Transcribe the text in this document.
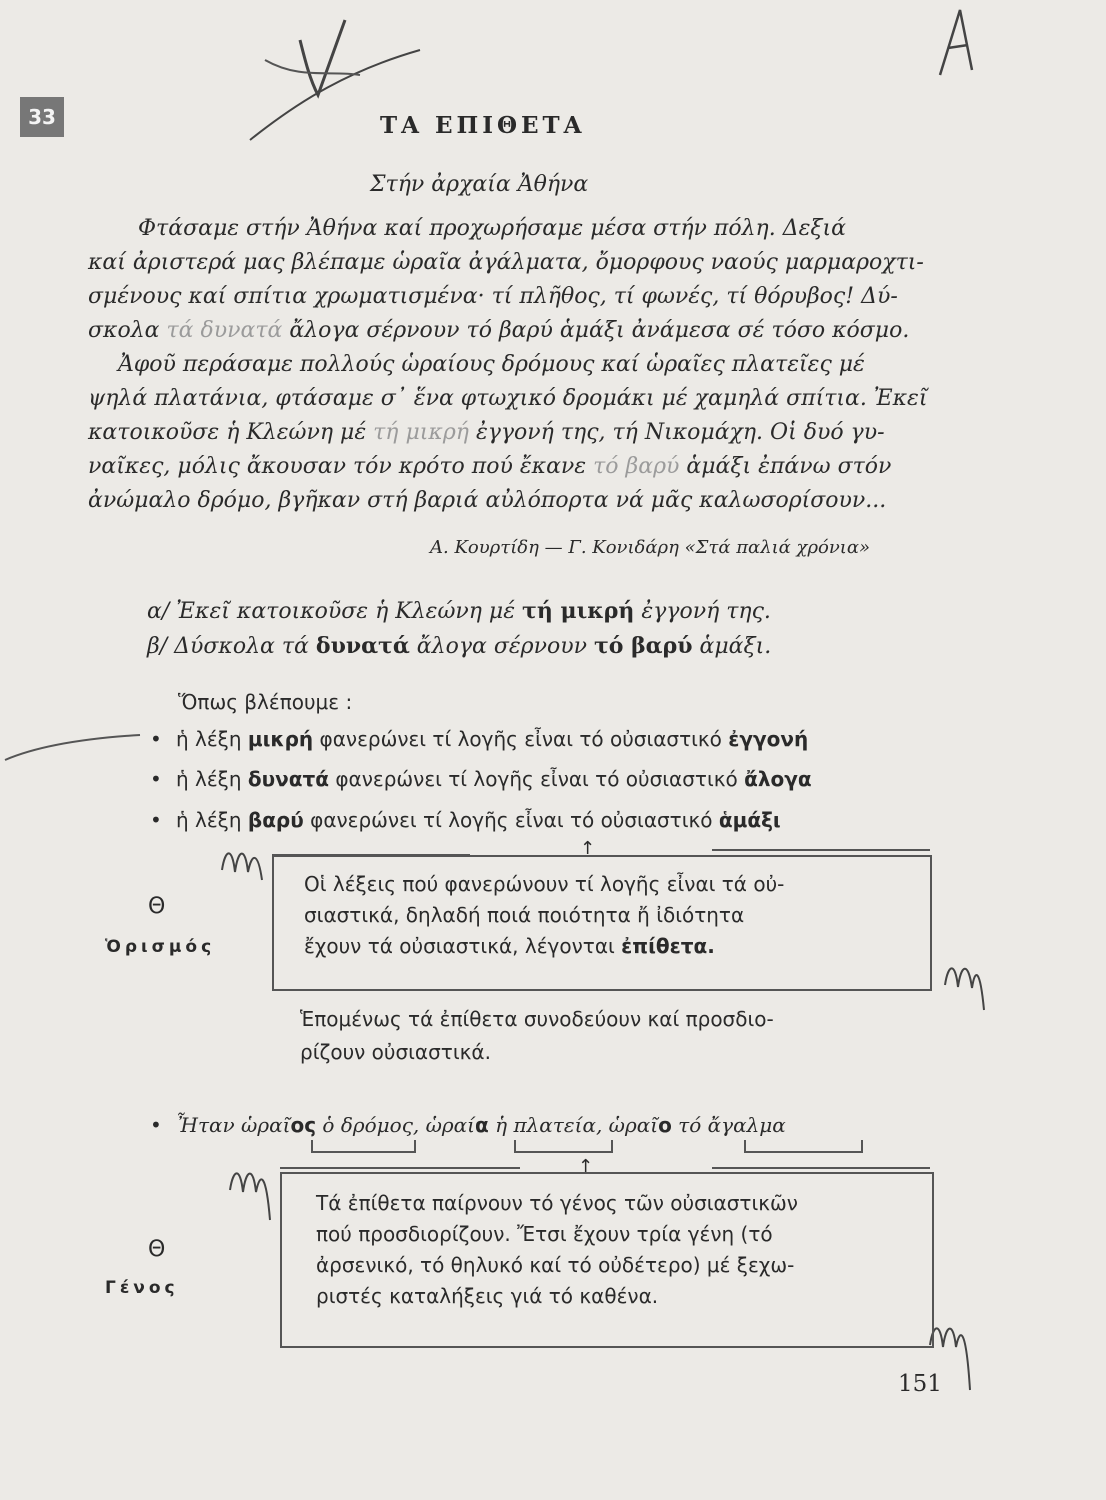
33	ΤΑ ΕΠΙΘΕΤΑ
Στήν ἀρχαία Ἀθήνα
Φτάσαμε στήν Ἀθήνα καί προχωρήσαμε μέσα στήν πόλη. Δεξιά
καί ἀριστερά μας βλέπαμε ὡραῖα ἀγάλματα, ὄμορφους ναούς μαρμαροχτι-
σμένους καί σπίτια χρωματισμένα· τί πλῆθος, τί φωνές, τί θόρυβος! Δύ-
σκολα τά δυνατά ἄλογα σέρνουν τό βαρύ ἁμάξι ἀνάμεσα σέ τόσο κόσμο.
Ἀφοῦ περάσαμε πολλούς ὡραίους δρόμους καί ὡραῖες πλατεῖες μέ
ψηλά πλατάνια, φτάσαμε σ᾿ ἕνα φτωχικό δρομάκι μέ χαμηλά σπίτια. Ἐκεῖ
κατοικοῦσε ἡ Κλεώνη μέ τή μικρή ἐγγονή της, τή Νικομάχη. Οἱ δυό γυ-
ναῖκες, μόλις ἄκουσαν τόν κρότο πού ἔκανε τό βαρύ ἁμάξι ἐπάνω στόν
ἀνώμαλο δρόμο, βγῆκαν στή βαριά αὐλόπορτα νά μᾶς καλωσορίσουν...
Α. Κουρτίδη — Γ. Κονιδάρη «Στά παλιά χρόνια»
α/ Ἐκεῖ κατοικοῦσε ἡ Κλεώνη μέ τή μικρή ἐγγονή της.
β/ Δύσκολα τά δυνατά ἄλογα σέρνουν τό βαρύ ἁμάξι.
Ὅπως βλέπουμε :
• ἡ λέξη μικρή φανερώνει τί λογῆς εἶναι τό οὐσιαστικό ἐγγονή
• ἡ λέξη δυνατά φανερώνει τί λογῆς εἶναι τό οὐσιαστικό ἄλογα
• ἡ λέξη βαρύ φανερώνει τί λογῆς εἶναι τό οὐσιαστικό ἁμάξι
↑
Θ
Ὁρισμός
Οἱ λέξεις πού φανερώνουν τί λογῆς εἶναι τά οὐ-
σιαστικά, δηλαδή ποιά ποιότητα ἤ ἰδιότητα
ἔχουν τά οὐσιαστικά, λέγονται ἐπίθετα.
Ἑπομένως τά ἐπίθετα συνοδεύουν καί προσδιο-
ρίζουν οὐσιαστικά.
• Ἦταν ὡραῖος ὁ δρόμος, ὡραία ἡ πλατεία, ὡραῖο τό ἄγαλμα
↑
Θ
Γένος
Τά ἐπίθετα παίρνουν τό γένος τῶν οὐσιαστικῶν
πού προσδιορίζουν. Ἔτσι ἔχουν τρία γένη (τό
ἀρσενικό, τό θηλυκό καί τό οὐδέτερο) μέ ξεχω-
ριστές καταλήξεις γιά τό καθένα.
151
